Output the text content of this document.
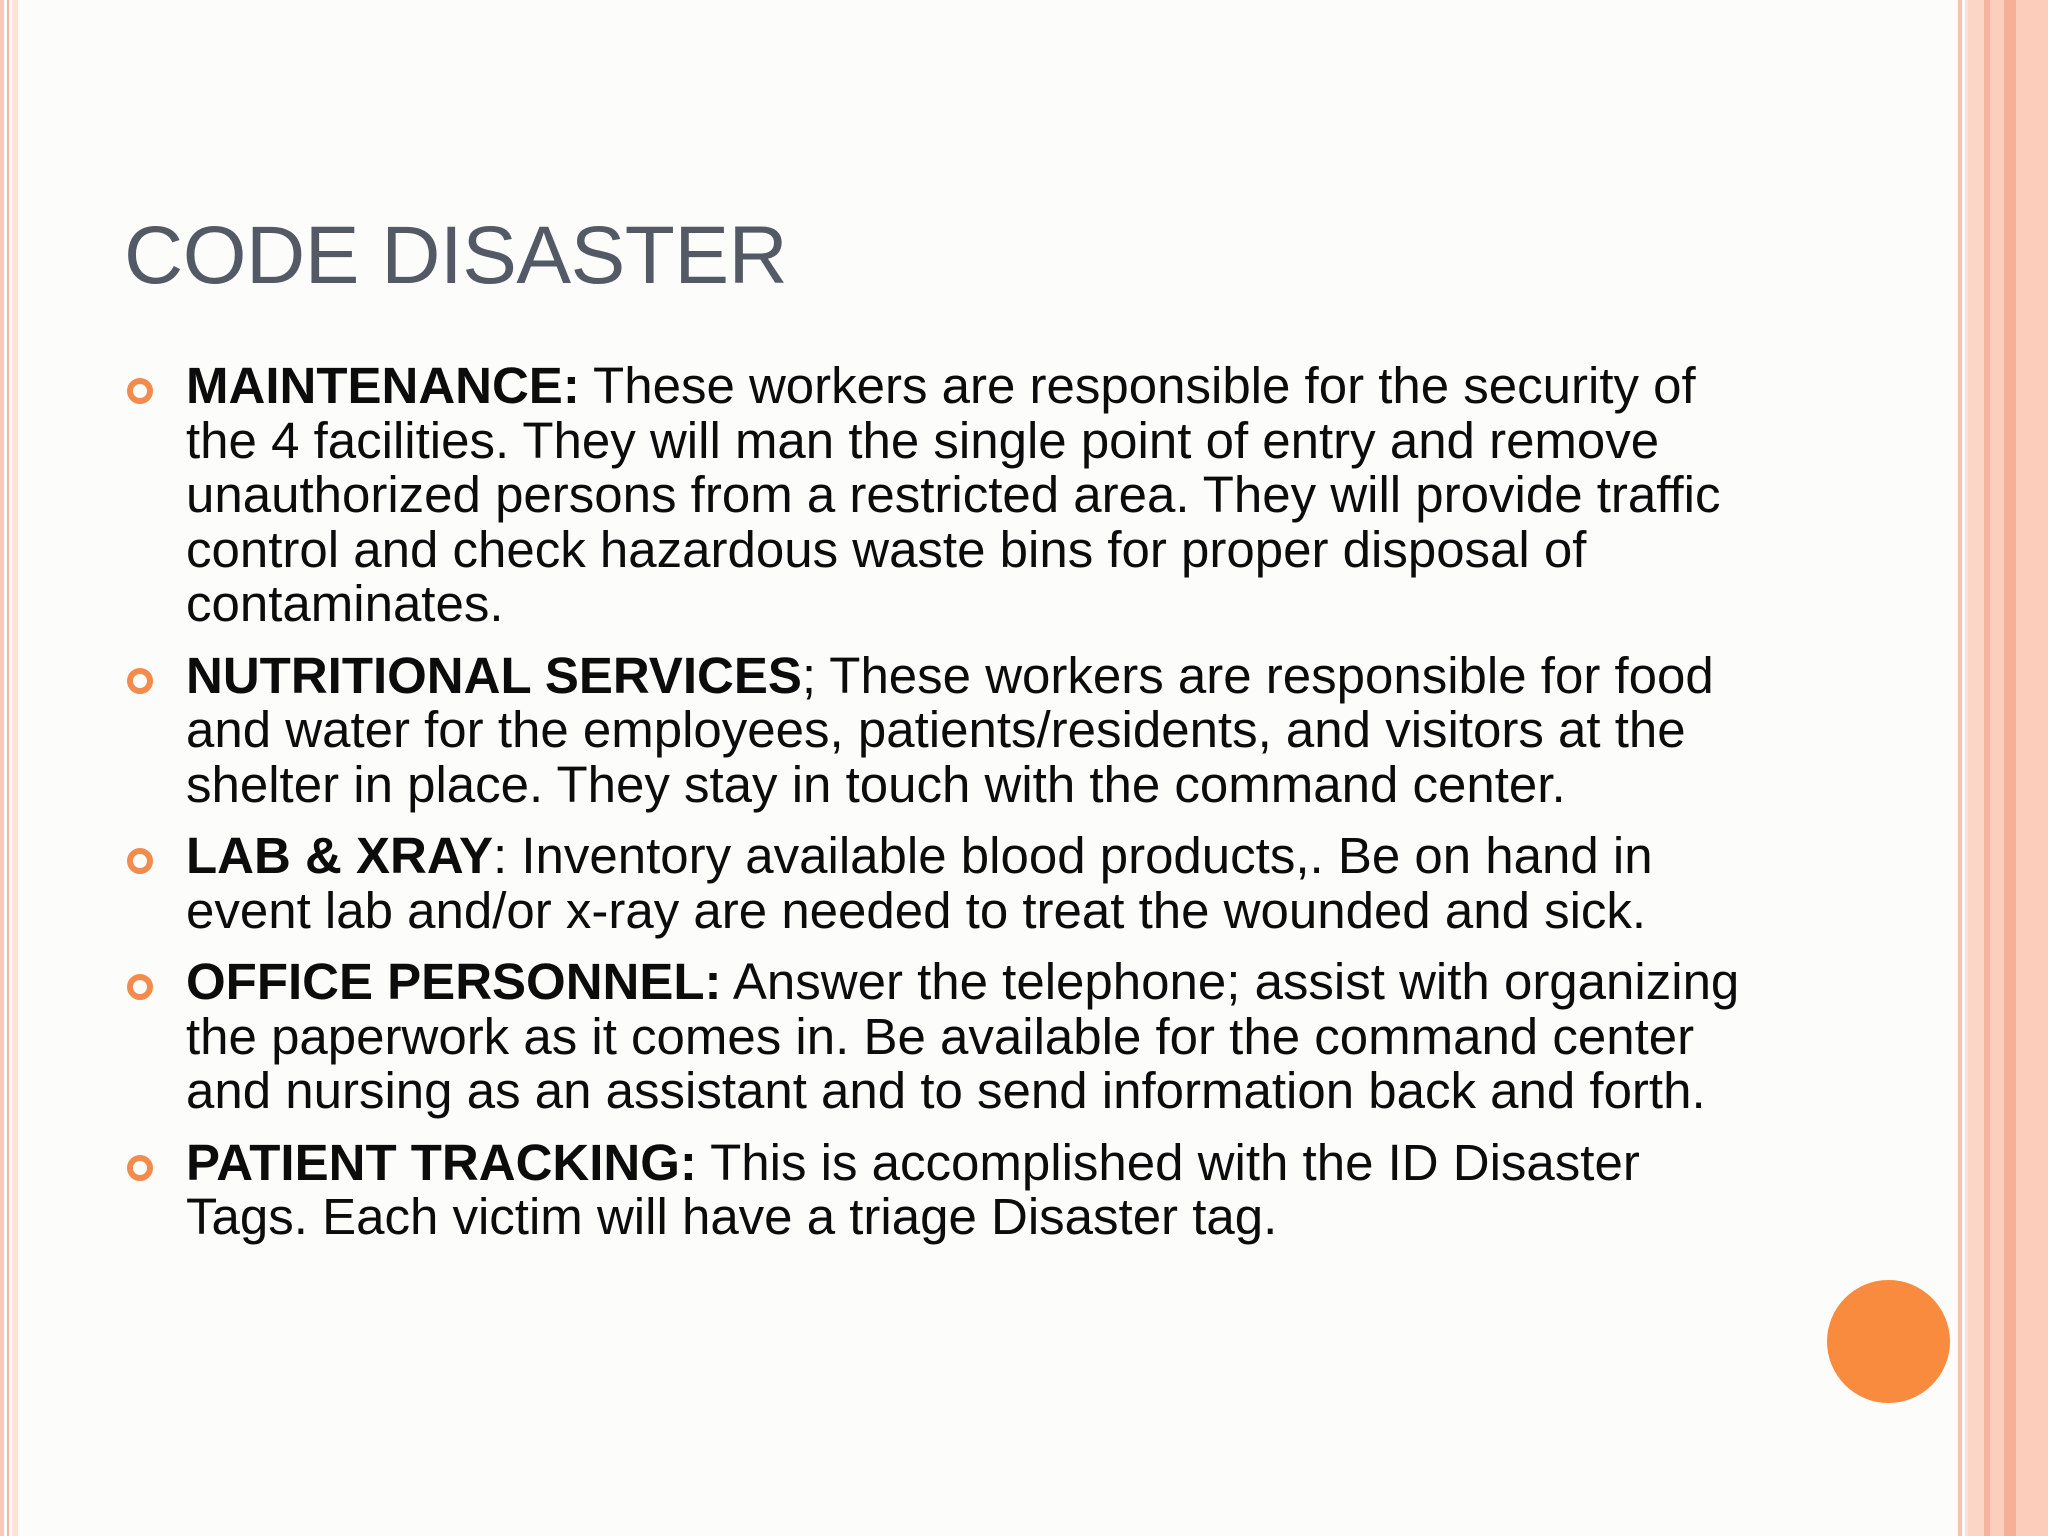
CODE DISASTER
MAINTENANCE: These workers are responsible for the security of the 4 facilities. They will man the single point of entry and remove unauthorized persons from a restricted area. They will provide traffic control and check hazardous waste bins for proper disposal of contaminates.
NUTRITIONAL SERVICES; These workers are responsible for food and water for the employees, patients/residents, and visitors at the shelter in place. They stay in touch with the command center.
LAB & XRAY: Inventory available blood products,. Be on hand in event lab and/or x-ray are needed to treat the wounded and sick.
OFFICE PERSONNEL: Answer the telephone; assist with organizing the paperwork as it comes in. Be available for the command center and nursing as an assistant and to send information back and forth.
PATIENT TRACKING: This is accomplished with the ID Disaster Tags. Each victim will have a triage Disaster tag.
